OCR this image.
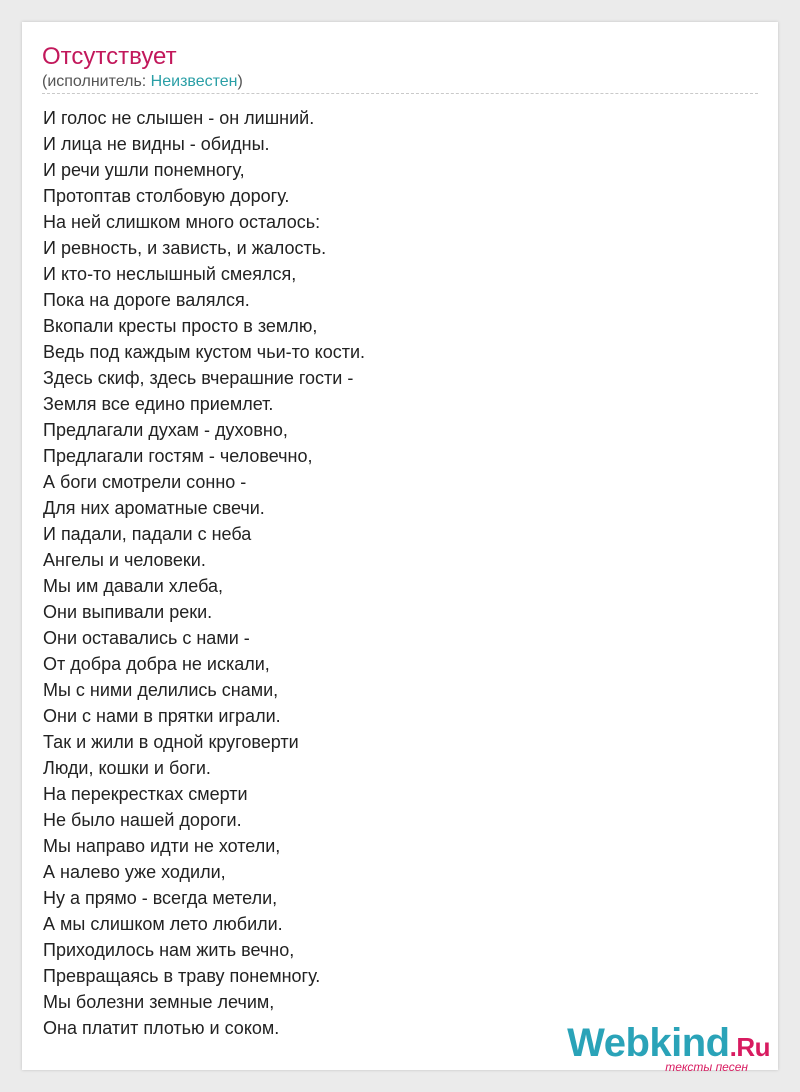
Отсутствует
(исполнитель: Неизвестен)
И голос не слышен - он лишний.
И лица не видны - обидны.
И речи ушли понемногу,
Протоптав столбовую дорогу.
На ней слишком много осталось:
И ревность, и зависть, и жалость.
И кто-то неслышный смеялся,
Пока на дороге валялся.
Вкопали кресты просто в землю,
Ведь под каждым кустом чьи-то кости.
Здесь скиф, здесь вчерашние гости -
Земля все едино приемлет.
Предлагали духам - духовно,
Предлагали гостям - человечно,
А боги смотрели сонно -
Для них ароматные свечи.
И падали, падали с неба
Ангелы и человеки.
Мы им давали хлеба,
Они выпивали реки.
Они оставались с нами -
От добра добра не искали,
Мы с ними делились снами,
Они с нами в прятки играли.
Так и жили в одной круговерти
Люди, кошки и боги.
На перекрестках смерти
Не было нашей дороги.
Мы направо идти не хотели,
А налево уже ходили,
Ну а прямо - всегда метели,
А мы слишком лето любили.
Приходилось нам жить вечно,
Превращаясь в траву понемногу.
Мы болезни земные лечим,
Она платит плотью и соком.	Webkind.Ru
тексты песен
